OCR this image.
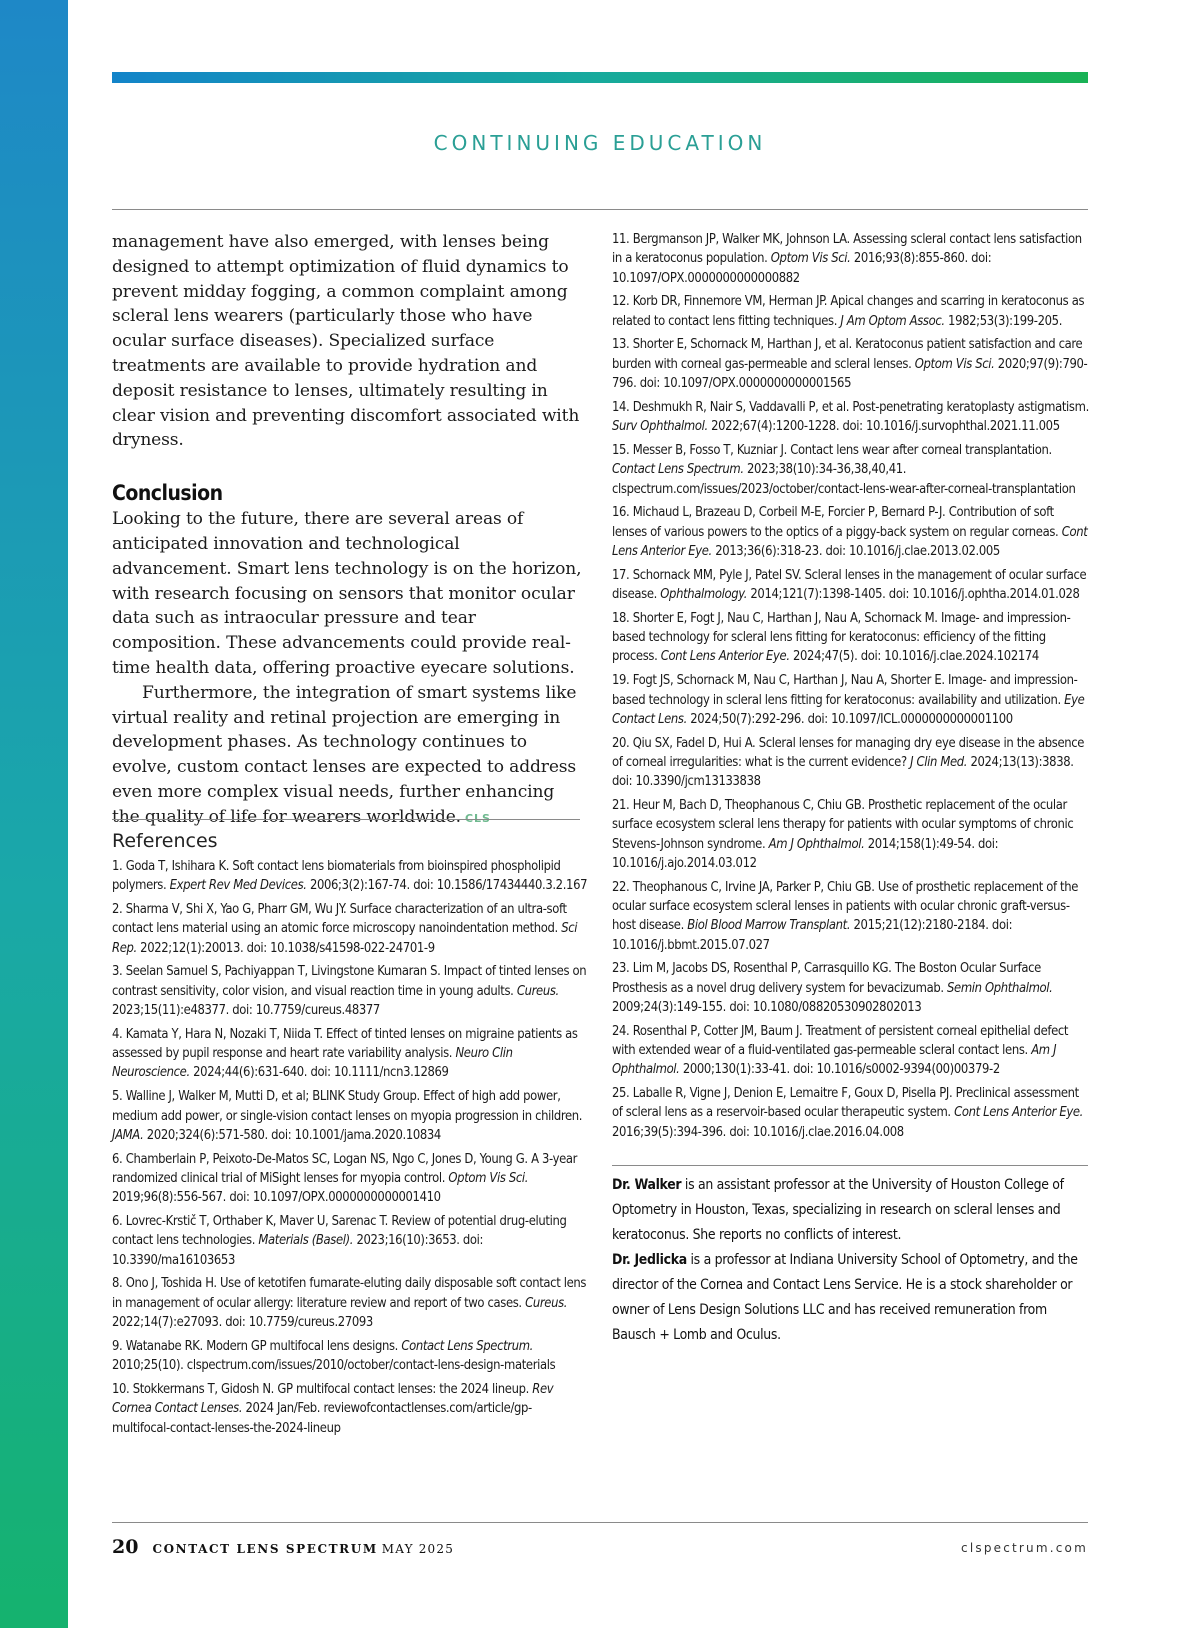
CONTINUING EDUCATION

management have also emerged, with lenses being designed to attempt optimization of fluid dynamics to prevent midday fogging, a common complaint among scleral lens wearers (particularly those who have ocular surface diseases). Specialized surface treatments are available to provide hydration and deposit resistance to lenses, ultimately resulting in clear vision and preventing discomfort associated with dryness.

Conclusion

Looking to the future, there are several areas of anticipated innovation and technological advancement. Smart lens technology is on the horizon, with research focusing on sensors that monitor ocular data such as intraocular pressure and tear composition. These advancements could provide real-time health data, offering proactive eyecare solutions.

Furthermore, the integration of smart systems like virtual reality and retinal projection are emerging in development phases. As technology continues to evolve, custom contact lenses are expected to address even more complex visual needs, further enhancing the quality of life for wearers worldwide. CLS

References

1. Goda T, Ishihara K. Soft contact lens biomaterials from bioinspired phospholipid polymers. Expert Rev Med Devices. 2006;3(2):167-74. doi: 10.1586/17434440.3.2.167

2. Sharma V, Shi X, Yao G, Pharr GM, Wu JY. Surface characterization of an ultra-soft contact lens material using an atomic force microscopy nanoindentation method. Sci Rep. 2022;12(1):20013. doi: 10.1038/s41598-022-24701-9

3. Seelan Samuel S, Pachiyappan T, Livingstone Kumaran S. Impact of tinted lenses on contrast sensitivity, color vision, and visual reaction time in young adults. Cureus. 2023;15(11):e48377. doi: 10.7759/cureus.48377

4. Kamata Y, Hara N, Nozaki T, Niida T. Effect of tinted lenses on migraine patients as assessed by pupil response and heart rate variability analysis. Neuro Clin Neuroscience. 2024;44(6):631-640. doi: 10.1111/ncn3.12869

5. Walline J, Walker M, Mutti D, et al; BLINK Study Group. Effect of high add power, medium add power, or single-vision contact lenses on myopia progression in children. JAMA. 2020;324(6):571-580. doi: 10.1001/jama.2020.10834

6. Chamberlain P, Peixoto-De-Matos SC, Logan NS, Ngo C, Jones D, Young G. A 3-year randomized clinical trial of MiSight lenses for myopia control. Optom Vis Sci. 2019;96(8):556-567. doi: 10.1097/OPX.0000000000001410

6. Lovrec-Krstič T, Orthaber K, Maver U, Sarenac T. Review of potential drug-eluting contact lens technologies. Materials (Basel). 2023;16(10):3653. doi: 10.3390/ma16103653

8. Ono J, Toshida H. Use of ketotifen fumarate-eluting daily disposable soft contact lens in management of ocular allergy: literature review and report of two cases. Cureus. 2022;14(7):e27093. doi: 10.7759/cureus.27093

9. Watanabe RK. Modern GP multifocal lens designs. Contact Lens Spectrum. 2010;25(10). clspectrum.com/issues/2010/october/contact-lens-design-materials

10. Stokkermans T, Gidosh N. GP multifocal contact lenses: the 2024 lineup. Rev Cornea Contact Lenses. 2024 Jan/Feb. reviewofcontactlenses.com/article/gp-multifocal-contact-lenses-the-2024-lineup

11. Bergmanson JP, Walker MK, Johnson LA. Assessing scleral contact lens satisfaction in a keratoconus population. Optom Vis Sci. 2016;93(8):855-860. doi: 10.1097/OPX.0000000000000882

12. Korb DR, Finnemore VM, Herman JP. Apical changes and scarring in keratoconus as related to contact lens fitting techniques. J Am Optom Assoc. 1982;53(3):199-205.

13. Shorter E, Schornack M, Harthan J, et al. Keratoconus patient satisfaction and care burden with corneal gas-permeable and scleral lenses. Optom Vis Sci. 2020;97(9):790-796. doi: 10.1097/OPX.0000000000001565

14. Deshmukh R, Nair S, Vaddavalli P, et al. Post-penetrating keratoplasty astigmatism. Surv Ophthalmol. 2022;67(4):1200-1228. doi: 10.1016/j.survophthal.2021.11.005

15. Messer B, Fosso T, Kuzniar J. Contact lens wear after corneal transplantation. Contact Lens Spectrum. 2023;38(10):34-36,38,40,41. clspectrum.com/issues/2023/october/contact-lens-wear-after-corneal-transplantation

16. Michaud L, Brazeau D, Corbeil M-E, Forcier P, Bernard P-J. Contribution of soft lenses of various powers to the optics of a piggy-back system on regular corneas. Cont Lens Anterior Eye. 2013;36(6):318-23. doi: 10.1016/j.clae.2013.02.005

17. Schornack MM, Pyle J, Patel SV. Scleral lenses in the management of ocular surface disease. Ophthalmology. 2014;121(7):1398-1405. doi: 10.1016/j.ophtha.2014.01.028

18. Shorter E, Fogt J, Nau C, Harthan J, Nau A, Schornack M. Image- and impression-based technology for scleral lens fitting for keratoconus: efficiency of the fitting process. Cont Lens Anterior Eye. 2024;47(5). doi: 10.1016/j.clae.2024.102174

19. Fogt JS, Schornack M, Nau C, Harthan J, Nau A, Shorter E. Image- and impression-based technology in scleral lens fitting for keratoconus: availability and utilization. Eye Contact Lens. 2024;50(7):292-296. doi: 10.1097/ICL.0000000000001100

20. Qiu SX, Fadel D, Hui A. Scleral lenses for managing dry eye disease in the absence of corneal irregularities: what is the current evidence? J Clin Med. 2024;13(13):3838. doi: 10.3390/jcm13133838

21. Heur M, Bach D, Theophanous C, Chiu GB. Prosthetic replacement of the ocular surface ecosystem scleral lens therapy for patients with ocular symptoms of chronic Stevens-Johnson syndrome. Am J Ophthalmol. 2014;158(1):49-54. doi: 10.1016/j.ajo.2014.03.012

22. Theophanous C, Irvine JA, Parker P, Chiu GB. Use of prosthetic replacement of the ocular surface ecosystem scleral lenses in patients with ocular chronic graft-versus-host disease. Biol Blood Marrow Transplant. 2015;21(12):2180-2184. doi: 10.1016/j.bbmt.2015.07.027

23. Lim M, Jacobs DS, Rosenthal P, Carrasquillo KG. The Boston Ocular Surface Prosthesis as a novel drug delivery system for bevacizumab. Semin Ophthalmol. 2009;24(3):149-155. doi: 10.1080/08820530902802013

24. Rosenthal P, Cotter JM, Baum J. Treatment of persistent corneal epithelial defect with extended wear of a fluid-ventilated gas-permeable scleral contact lens. Am J Ophthalmol. 2000;130(1):33-41. doi: 10.1016/s0002-9394(00)00379-2

25. Laballe R, Vigne J, Denion E, Lemaitre F, Goux D, Pisella PJ. Preclinical assessment of scleral lens as a reservoir-based ocular therapeutic system. Cont Lens Anterior Eye. 2016;39(5):394-396. doi: 10.1016/j.clae.2016.04.008

Dr. Walker is an assistant professor at the University of Houston College of Optometry in Houston, Texas, specializing in research on scleral lenses and keratoconus. She reports no conflicts of interest.

Dr. Jedlicka is a professor at Indiana University School of Optometry, and the director of the Cornea and Contact Lens Service. He is a stock shareholder or owner of Lens Design Solutions LLC and has received remuneration from Bausch + Lomb and Oculus.

20 CONTACT LENS SPECTRUM MAY 2025	clspectrum.com
